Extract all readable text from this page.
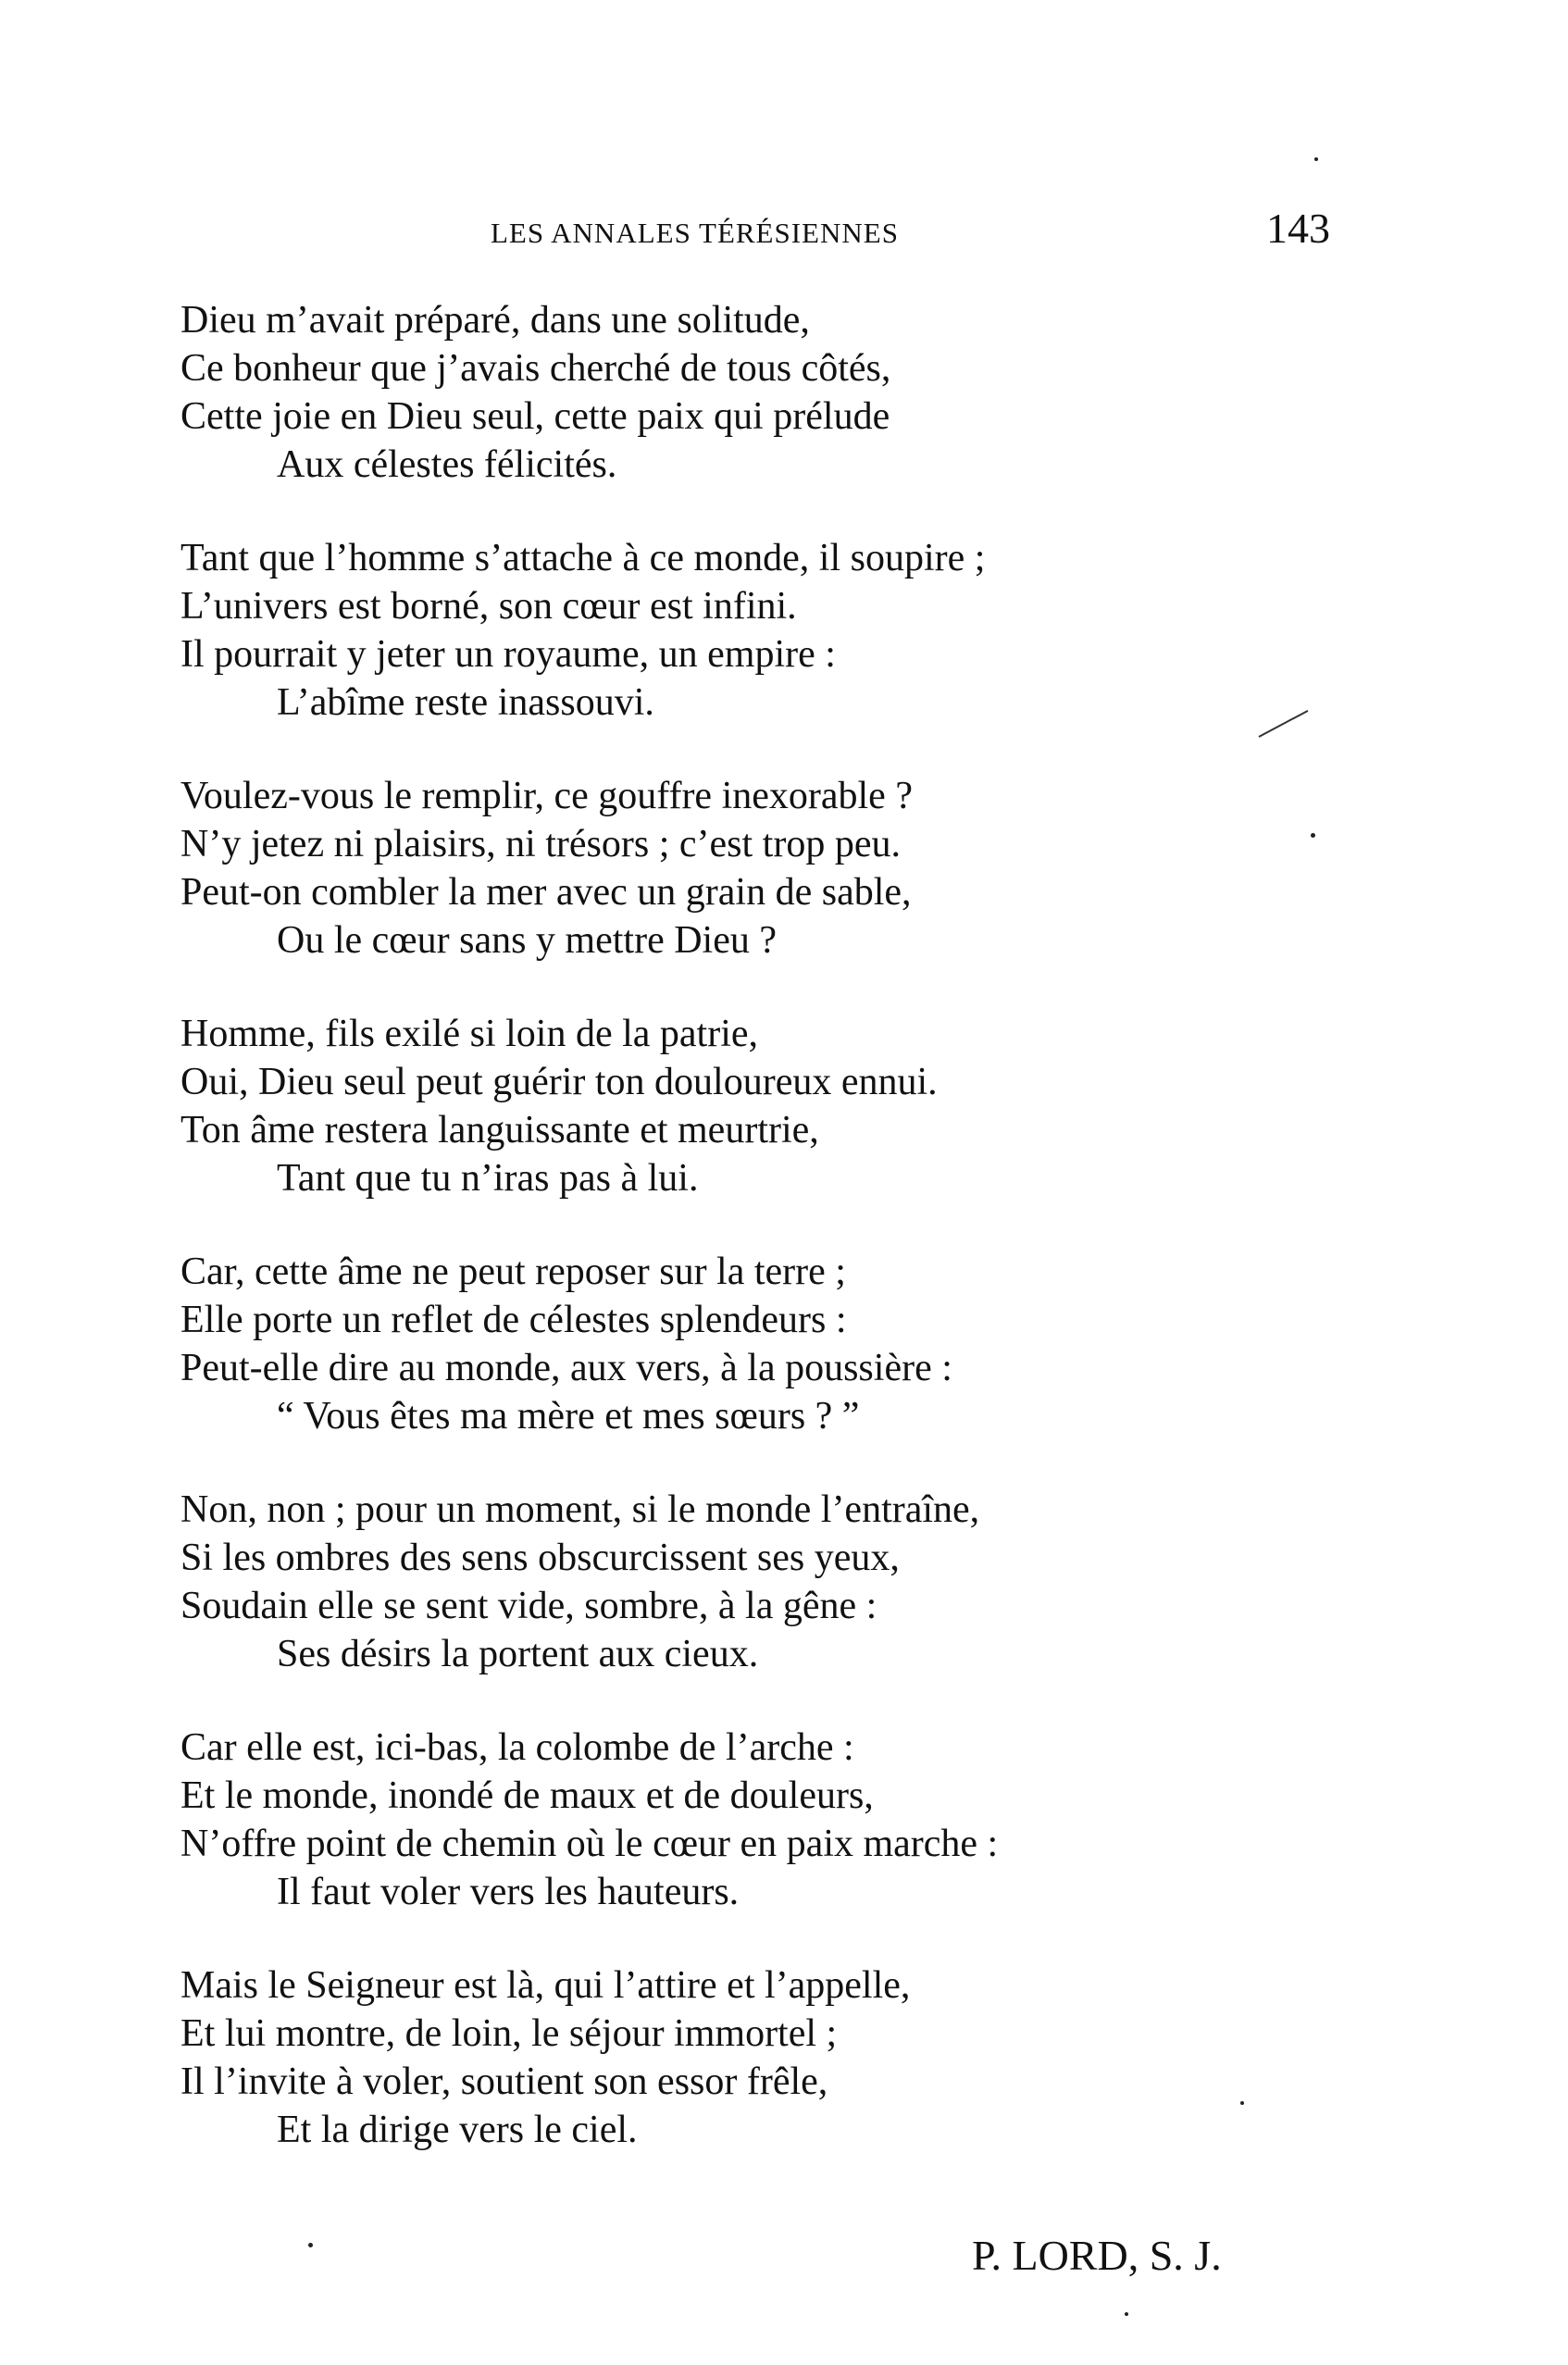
LES ANNALES TÉRÉSIENNES	143
Dieu m’avait préparé, dans une solitude,
Ce bonheur que j’avais cherché de tous côtés,
Cette joie en Dieu seul, cette paix qui prélude
Aux célestes félicités.
Tant que l’homme s’attache à ce monde, il soupire ;
L’univers est borné, son cœur est infini.
Il pourrait y jeter un royaume, un empire :
L’abîme reste inassouvi.
Voulez-vous le remplir, ce gouffre inexorable ?
N’y jetez ni plaisirs, ni trésors ; c’est trop peu.
Peut-on combler la mer avec un grain de sable,
Ou le cœur sans y mettre Dieu ?
Homme, fils exilé si loin de la patrie,
Oui, Dieu seul peut guérir ton douloureux ennui.
Ton âme restera languissante et meurtrie,
Tant que tu n’iras pas à lui.
Car, cette âme ne peut reposer sur la terre ;
Elle porte un reflet de célestes splendeurs :
Peut-elle dire au monde, aux vers, à la poussière :
“ Vous êtes ma mère et mes sœurs ? ”
Non, non ; pour un moment, si le monde l’entraîne,
Si les ombres des sens obscurcissent ses yeux,
Soudain elle se sent vide, sombre, à la gêne :
Ses désirs la portent aux cieux.
Car elle est, ici-bas, la colombe de l’arche :
Et le monde, inondé de maux et de douleurs,
N’offre point de chemin où le cœur en paix marche :
Il faut voler vers les hauteurs.
Mais le Seigneur est là, qui l’attire et l’appelle,
Et lui montre, de loin, le séjour immortel ;
Il l’invite à voler, soutient son essor frêle,
Et la dirige vers le ciel.
P. LORD, S. J.
